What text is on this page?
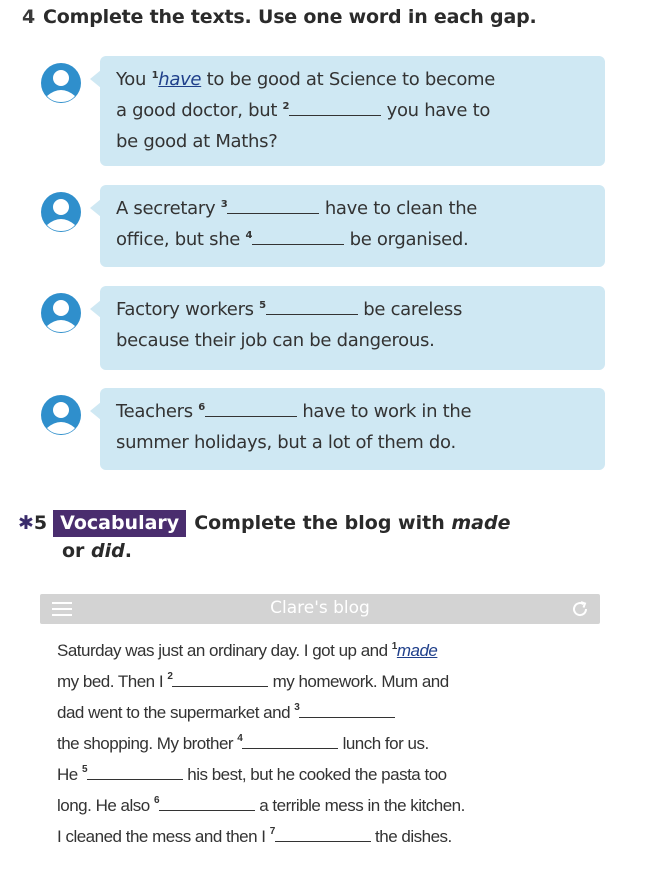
4 Complete the texts. Use one word in each gap.
You $^1$have to be good at Science to become
a good doctor, but $^2$	you have to
be good at Maths?
A secretary $^3$	have to clean the
office, but she $^4$	be organised.
Factory workers $^5$	be careless
because their job can be dangerous.
Teachers $^6$	have to work in the
summer holidays, but a lot of them do.
✱5 Vocabulary Complete the blog with made
or did.
Clare's blog
Saturday was just an ordinary day. I got up and $^1$made
my bed. Then I $^2$	my homework. Mum and
dad went to the supermarket and $^3$
the shopping. My brother $^4$	lunch for us.
He $^5$	his best, but he cooked the pasta too
long. He also $^6$	a terrible mess in the kitchen.
I cleaned the mess and then I $^7$	the dishes.
